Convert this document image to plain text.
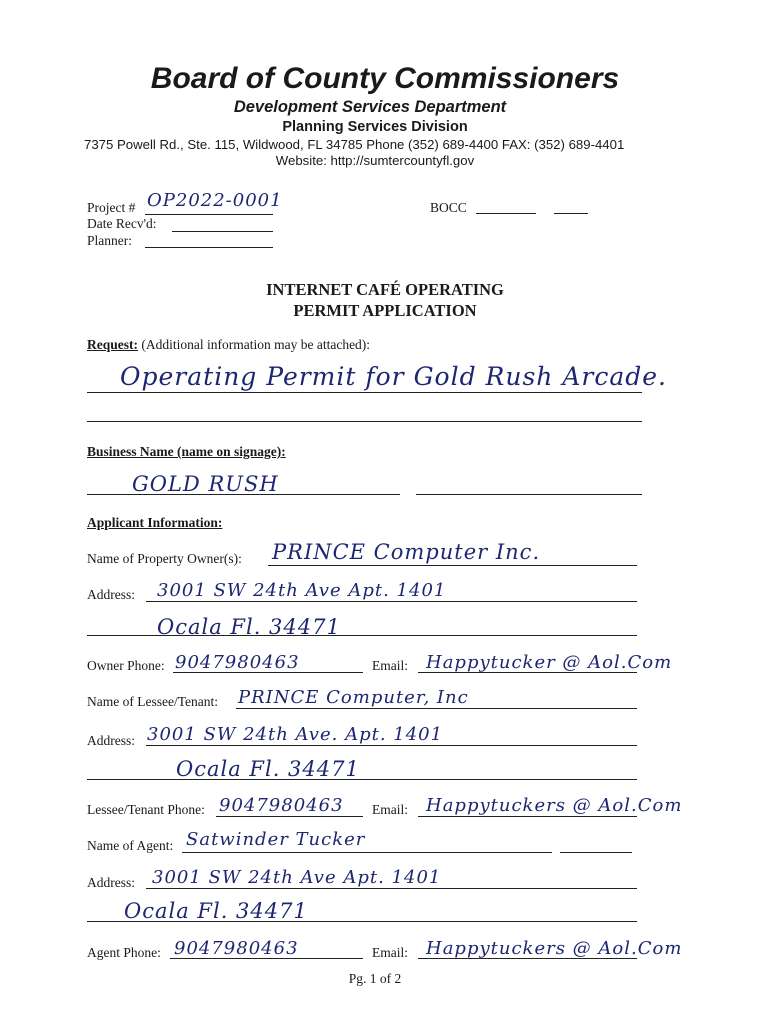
Board of County Commissioners
Development Services Department
Planning Services Division
7375 Powell Rd., Ste. 115, Wildwood, FL 34785 Phone (352) 689-4400 FAX: (352) 689-4401
Website: http://sumtercountyfl.gov
Project # OP2022-0001
Date Recv'd:
Planner:
BOCC
INTERNET CAFÉ OPERATING
PERMIT APPLICATION
Request: (Additional information may be attached):
Operating Permit for Gold Rush Arcade.
Business Name (name on signage):
GOLD RUSH
Applicant Information:
Name of Property Owner(s): PRINCE Computer Inc.
Address: 3001 SW 24th Ave Apt. 1401
Ocala Fl. 34471
Owner Phone: 9047980463	Email: Happytucker @ Aol.Com
Name of Lessee/Tenant: PRINCE Computer, Inc
Address: 3001 SW 24th Ave. Apt. 1401
Ocala Fl. 34471
Lessee/Tenant Phone: 9047980463 Email: Happytuckers @ Aol.Com
Name of Agent: Satwinder Tucker
Address: 3001 SW 24th Ave Apt. 1401
Ocala Fl. 34471
Agent Phone: 9047980463	Email: Happytuckers @ Aol.Com
Pg. 1 of 2
